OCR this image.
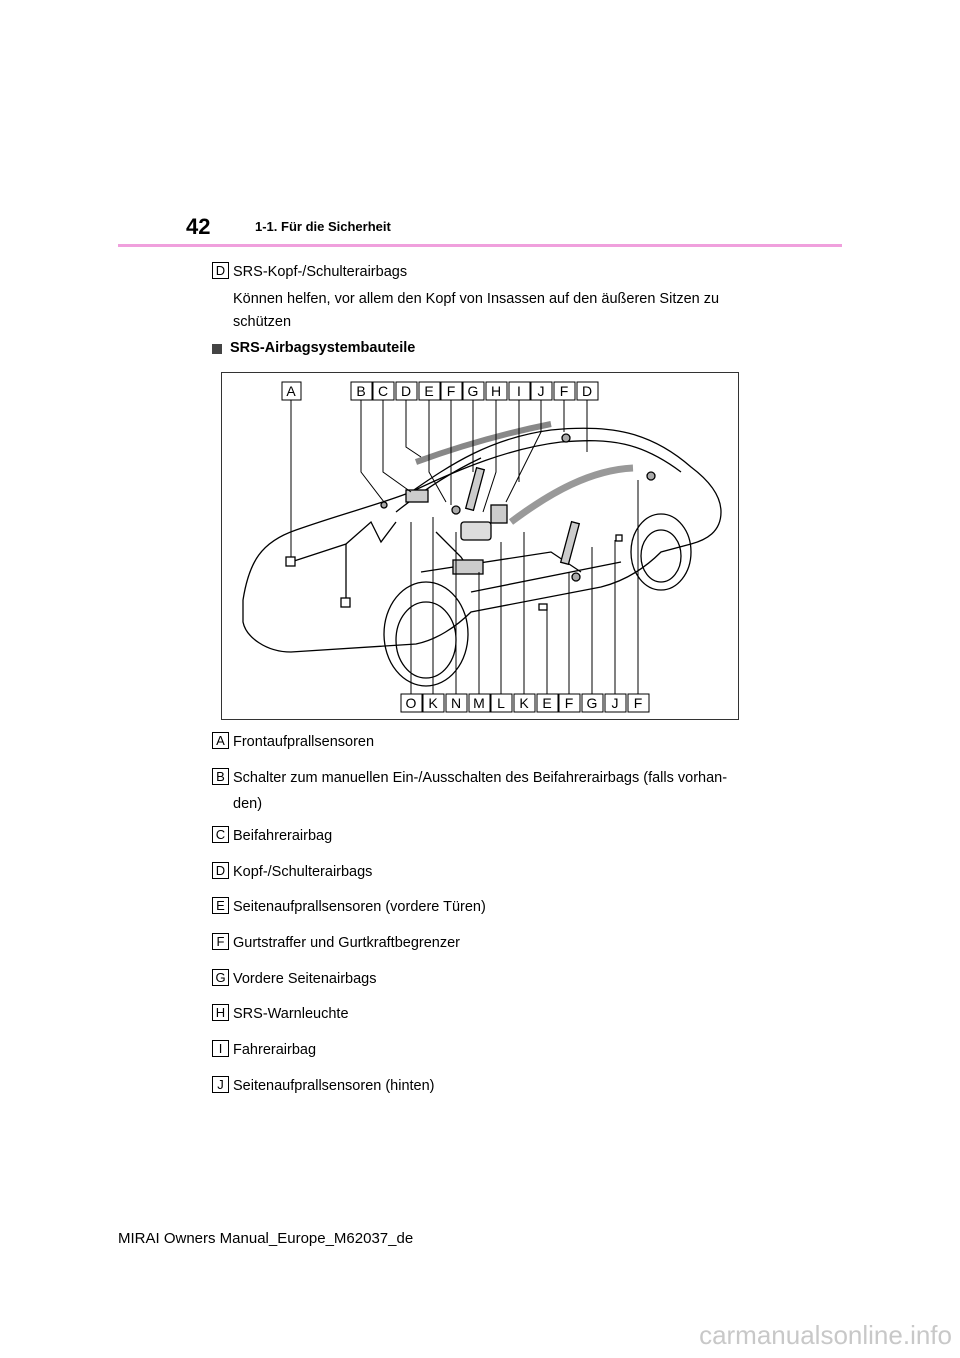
42	1-1. Für die Sicherheit
D SRS-Kopf-/Schulterairbags
Können helfen, vor allem den Kopf von Insassen auf den äußeren Sitzen zu
schützen
SRS-Airbagsystembauteile
A	B C D E F G H I J F D
O K N M L K E F G J F
A Frontaufprallsensoren
B Schalter zum manuellen Ein-/Ausschalten des Beifahrerairbags (falls vorhan-
den)
C Beifahrerairbag
D Kopf-/Schulterairbags
E Seitenaufprallsensoren (vordere Türen)
F Gurtstraffer und Gurtkraftbegrenzer
G Vordere Seitenairbags
H SRS-Warnleuchte
I Fahrerairbag
J Seitenaufprallsensoren (hinten)
MIRAI Owners Manual_Europe_M62037_de
carmanualsonline.info
